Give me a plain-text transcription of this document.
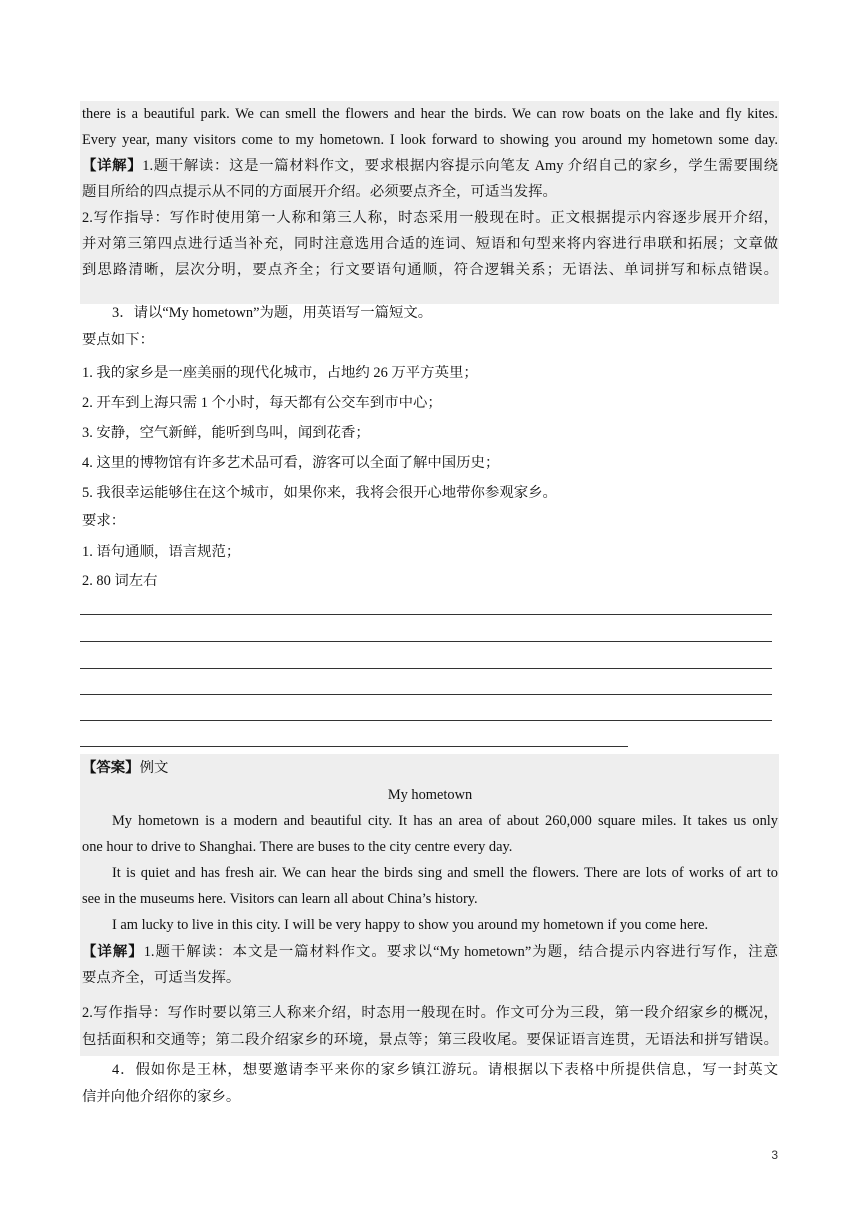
there is a beautiful park. We can smell the flowers and hear the birds. We can row boats on the lake and fly kites.
Every year, many visitors come to my hometown. I look forward to showing you around my hometown some day.
【详解】1.题干解读：这是一篇材料作文，要求根据内容提示向笔友 Amy 介绍自己的家乡，学生需要围绕
题目所给的四点提示从不同的方面展开介绍。必须要点齐全，可适当发挥。
2.写作指导：写作时使用第一人称和第三人称，时态采用一般现在时。正文根据提示内容逐步展开介绍，
并对第三第四点进行适当补充，同时注意选用合适的连词、短语和句型来将内容进行串联和拓展；文章做
到思路清晰，层次分明，要点齐全；行文要语句通顺，符合逻辑关系；无语法、单词拼写和标点错误。
3．请以“My hometown”为题，用英语写一篇短文。
要点如下：
1. 我的家乡是一座美丽的现代化城市，占地约 26 万平方英里；
2. 开车到上海只需 1 个小时，每天都有公交车到市中心；
3. 安静，空气新鲜，能听到鸟叫，闻到花香；
4. 这里的博物馆有许多艺术品可看，游客可以全面了解中国历史；
5. 我很幸运能够住在这个城市，如果你来，我将会很开心地带你参观家乡。
要求：
1. 语句通顺，语言规范；
2. 80 词左右
【答案】例文
My hometown
My hometown is a modern and beautiful city. It has an area of about 260,000 square miles. It takes us only
one hour to drive to Shanghai. There are buses to the city centre every day.
It is quiet and has fresh air. We can hear the birds sing and smell the flowers. There are lots of works of art to
see in the museums here. Visitors can learn all about China’s history.
I am lucky to live in this city. I will be very happy to show you around my hometown if you come here.
【详解】1.题干解读：本文是一篇材料作文。要求以“My hometown”为题，结合提示内容进行写作，注意
要点齐全，可适当发挥。
2.写作指导：写作时要以第三人称来介绍，时态用一般现在时。作文可分为三段，第一段介绍家乡的概况，
包括面积和交通等；第二段介绍家乡的环境，景点等；第三段收尾。要保证语言连贯，无语法和拼写错误。
4．假如你是王林，想要邀请李平来你的家乡镇江游玩。请根据以下表格中所提供信息，写一封英文
信并向他介绍你的家乡。
3
